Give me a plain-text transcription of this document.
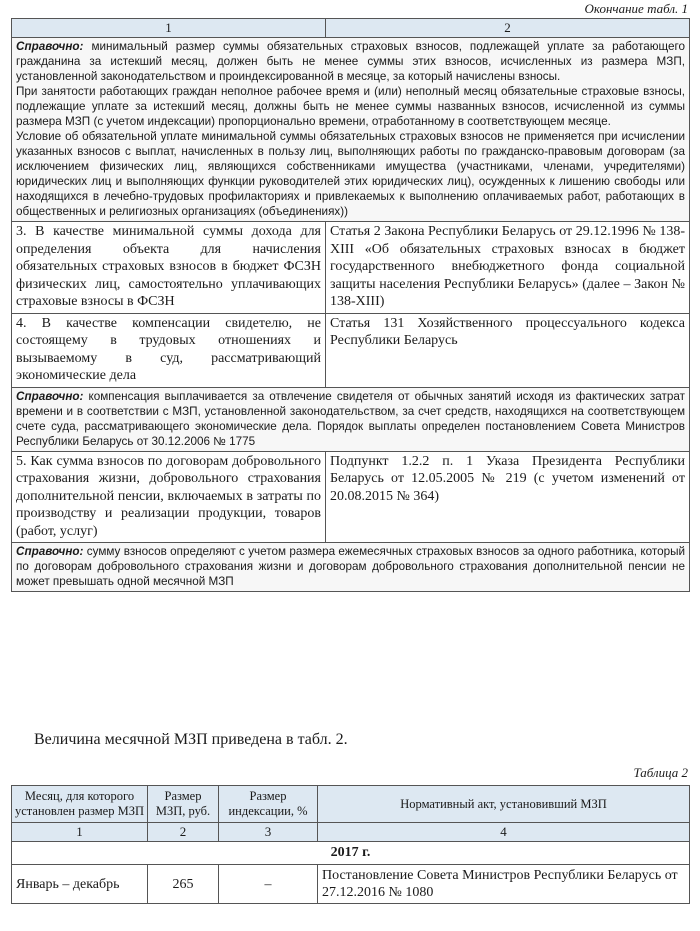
Окончание табл. 1
1	2

Справочно: минимальный размер суммы обязательных страховых взносов, подлежащей уплате за работающего гражданина за истекший месяц, должен быть не менее суммы этих взносов, исчисленных из размера МЗП, установленной законодательством и проиндексированной в месяце, за который начислены взносы.

При занятости работающих граждан неполное рабочее время и (или) неполный месяц обязательные страховые взносы, подлежащие уплате за истекший месяц, должны быть не менее суммы названных взносов, исчисленной из суммы размера МЗП (с учетом индексации) пропорционально времени, отработанному в соответствующем месяце.

Условие об обязательной уплате минимальной суммы обязательных страховых взносов не применяется при исчислении указанных взносов с выплат, начисленных в пользу лиц, выполняющих работы по гражданско-правовым договорам (за исключением физических лиц, являющихся собственниками имущества (участниками, членами, учредителями) юридических лиц и выполняющих функции руководителей этих юридических лиц), осужденных к лишению свободы или находящихся в лечебно-трудовых профилакториях и привлекаемых к выполнению оплачиваемых работ, работающих в общественных и религиозных организациях (объединениях))	

3. В качестве минимальной суммы дохода для определения объекта для начисления обязательных страховых взносов в бюджет ФСЗН физических лиц, самостоятельно уплачивающих страховые взносы в ФСЗН	Статья 2 Закона Республики Беларусь от 29.12.1996 № 138-XIII «Об обязательных страховых взносах в бюджет государственного внебюджетного фонда социальной защиты населения Республики Беларусь» (далее – Закон № 138-XIII)
4. В качестве компенсации свидетелю, не состоящему в трудовых отношениях и вызываемому в суд, рассматривающий экономические дела	Статья 131 Хозяйственного процессуального кодекса Республики Беларусь

Справочно: компенсация выплачивается за отвлечение свидетеля от обычных занятий исходя из фактических затрат времени и в соответствии с МЗП, установленной законодательством, за счет средств, находящихся на соответствующем счете суда, рассматривающего экономические дела. Порядок выплаты определен постановлением Совета Министров Республики Беларусь от 30.12.2006 № 1775	

5. Как сумма взносов по договорам добровольного страхования жизни, добровольного страхования дополнительной пенсии, включаемых в затраты по производству и реализации продукции, товаров (работ, услуг)	Подпункт 1.2.2 п. 1 Указа Президента Республики Беларусь от 12.05.2005 № 219 (с учетом изменений от 20.08.2015 № 364)

Справочно: сумму взносов определяют с учетом размера ежемесячных страховых взносов за одного работника, который по договорам добровольного страхования жизни и договорам добровольного страхования дополнительной пенсии не может превышать одной месячной МЗП	

Величина месячной МЗП приведена в табл. 2.
Таблица 2
Месяц, для которого установлен размер МЗП	Размер МЗП, руб.	Размер индексации, %	Нормативный акт, установивший МЗП
1	2	3	4
2017 г.			
Январь – декабрь	265	–	Постановление Совета Министров Республики Беларусь от 27.12.2016 № 1080
